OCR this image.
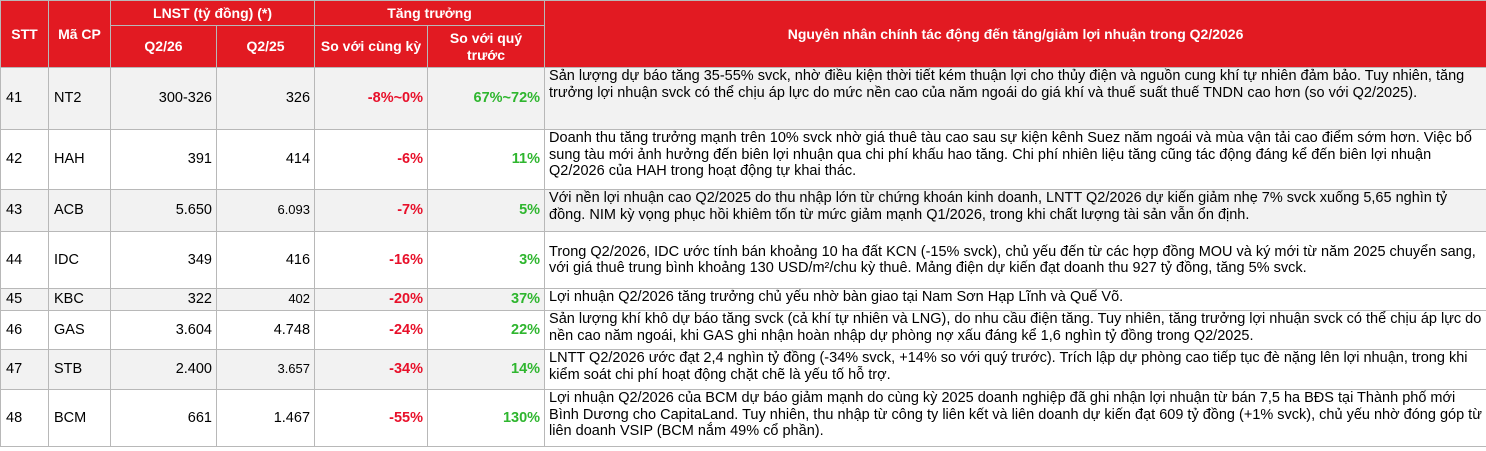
STT	Mã CP	LNST (tỷ đồng) (*)		Tăng trưởng		Nguyên nhân chính tác động đến tăng/giảm lợi nhuận trong Q2/2026
		Q2/26	Q2/25	So với cùng kỳ	So với quý trước	
41	NT2	300-326	326	-8%~0%	67%~72%	Sản lượng dự báo tăng 35-55% svck, nhờ điều kiện thời tiết kém thuận lợi cho thủy điện và nguồn cung khí tự nhiên đảm bảo. Tuy nhiên, tăng trưởng lợi nhuận svck có thể chịu áp lực do mức nền cao của năm ngoái do giá khí và thuế suất thuế TNDN cao hơn (so với Q2/2025).
42	HAH	391	414	-6%	11%	Doanh thu tăng trưởng mạnh trên 10% svck nhờ giá thuê tàu cao sau sự kiện kênh Suez năm ngoái và mùa vận tải cao điểm sớm hơn. Việc bổ sung tàu mới ảnh hưởng đến biên lợi nhuận qua chi phí khấu hao tăng. Chi phí nhiên liệu tăng cũng tác động đáng kể đến biên lợi nhuận Q2/2026 của HAH trong hoạt động tự khai thác.
43	ACB	5.650	6.093	-7%	5%	Với nền lợi nhuận cao Q2/2025 do thu nhập lớn từ chứng khoán kinh doanh, LNTT Q2/2026 dự kiến giảm nhẹ 7% svck xuống 5,65 nghìn tỷ đồng. NIM kỳ vọng phục hồi khiêm tốn từ mức giảm mạnh Q1/2026, trong khi chất lượng tài sản vẫn ổn định.
44	IDC	349	416	-16%	3%	Trong Q2/2026, IDC ước tính bán khoảng 10 ha đất KCN (-15% svck), chủ yếu đến từ các hợp đồng MOU và ký mới từ năm 2025 chuyển sang, với giá thuê trung bình khoảng 130 USD/m²/chu kỳ thuê. Mảng điện dự kiến đạt doanh thu 927 tỷ đồng, tăng 5% svck.
45	KBC	322	402	-20%	37%	Lợi nhuận Q2/2026 tăng trưởng chủ yếu nhờ bàn giao tại Nam Sơn Hạp Lĩnh và Quế Võ.
46	GAS	3.604	4.748	-24%	22%	Sản lượng khí khô dự báo tăng svck (cả khí tự nhiên và LNG), do nhu cầu điện tăng. Tuy nhiên, tăng trưởng lợi nhuận svck có thể chịu áp lực do nền cao năm ngoái, khi GAS ghi nhận hoàn nhập dự phòng nợ xấu đáng kể 1,6 nghìn tỷ đồng trong Q2/2025.
47	STB	2.400	3.657	-34%	14%	LNTT Q2/2026 ước đạt 2,4 nghìn tỷ đồng (-34% svck, +14% so với quý trước). Trích lập dự phòng cao tiếp tục đè nặng lên lợi nhuận, trong khi kiểm soát chi phí hoạt động chặt chẽ là yếu tố hỗ trợ.
48	BCM	661	1.467	-55%	130%	Lợi nhuận Q2/2026 của BCM dự báo giảm mạnh do cùng kỳ 2025 doanh nghiệp đã ghi nhận lợi nhuận từ bán 7,5 ha BĐS tại Thành phố mới Bình Dương cho CapitaLand. Tuy nhiên, thu nhập từ công ty liên kết và liên doanh dự kiến đạt 609 tỷ đồng (+1% svck), chủ yếu nhờ đóng góp từ liên doanh VSIP (BCM nắm 49% cổ phần).
